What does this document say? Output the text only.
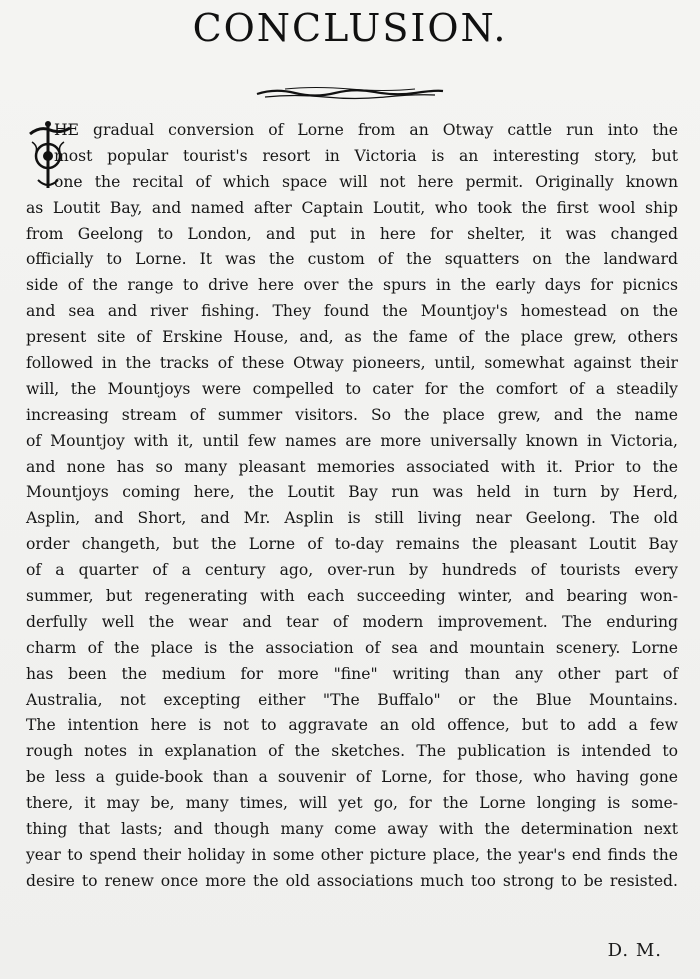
CONCLUSION.
T
HE gradual conversion of Lorne from an Otway cattle run into the
most popular tourist's resort in Victoria is an interesting story, but
one the recital of which space will not here permit. Originally known
as Loutit Bay, and named after Captain Loutit, who took the first wool ship
from Geelong to London, and put in here for shelter, it was changed
officially to Lorne. It was the custom of the squatters on the landward
side of the range to drive here over the spurs in the early days for picnics
and sea and river fishing. They found the Mountjoy's homestead on the
present site of Erskine House, and, as the fame of the place grew, others
followed in the tracks of these Otway pioneers, until, somewhat against their
will, the Mountjoys were compelled to cater for the comfort of a steadily
increasing stream of summer visitors. So the place grew, and the name
of Mountjoy with it, until few names are more universally known in Victoria,
and none has so many pleasant memories associated with it. Prior to the
Mountjoys coming here, the Loutit Bay run was held in turn by Herd,
Asplin, and Short, and Mr. Asplin is still living near Geelong. The old
order changeth, but the Lorne of to-day remains the pleasant Loutit Bay
of a quarter of a century ago, over-run by hundreds of tourists every
summer, but regenerating with each succeeding winter, and bearing won-
derfully well the wear and tear of modern improvement. The enduring
charm of the place is the association of sea and mountain scenery. Lorne
has been the medium for more "fine" writing than any other part of
Australia, not excepting either "The Buffalo" or the Blue Mountains.
The intention here is not to aggravate an old offence, but to add a few
rough notes in explanation of the sketches. The publication is intended to
be less a guide-book than a souvenir of Lorne, for those, who having gone
there, it may be, many times, will yet go, for the Lorne longing is some-
thing that lasts; and though many come away with the determination next
year to spend their holiday in some other picture place, the year's end finds the
desire to renew once more the old associations much too strong to be resisted.
D. M.
